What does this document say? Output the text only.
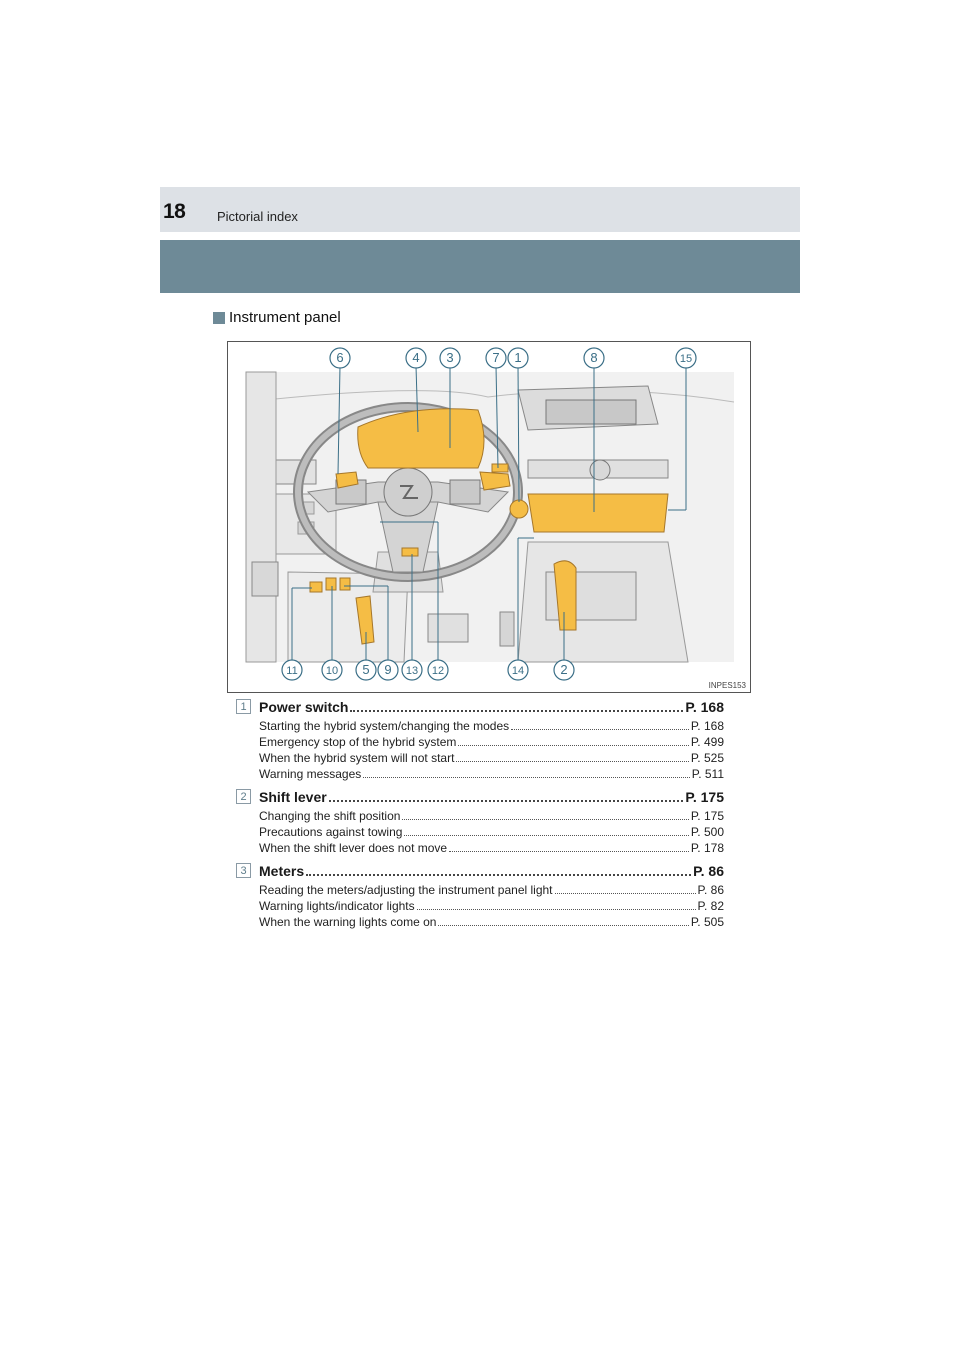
18 Pictorial index
Instrument panel
6	4 3	7 1	8	15
11	10 5 9 13 12	14	2
INPES153
1 Power switch	P. 168
Starting the hybrid system/changing the modes	P. 168
Emergency stop of the hybrid system	P. 499
When the hybrid system will not start	P. 525
Warning messages	P. 511
2 Shift lever	P. 175
Changing the shift position	P. 175
Precautions against towing	P. 500
When the shift lever does not move	P. 178
3 Meters	P. 86
Reading the meters/adjusting the instrument panel light	P. 86
Warning lights/indicator lights	P. 82
When the warning lights come on	P. 505
